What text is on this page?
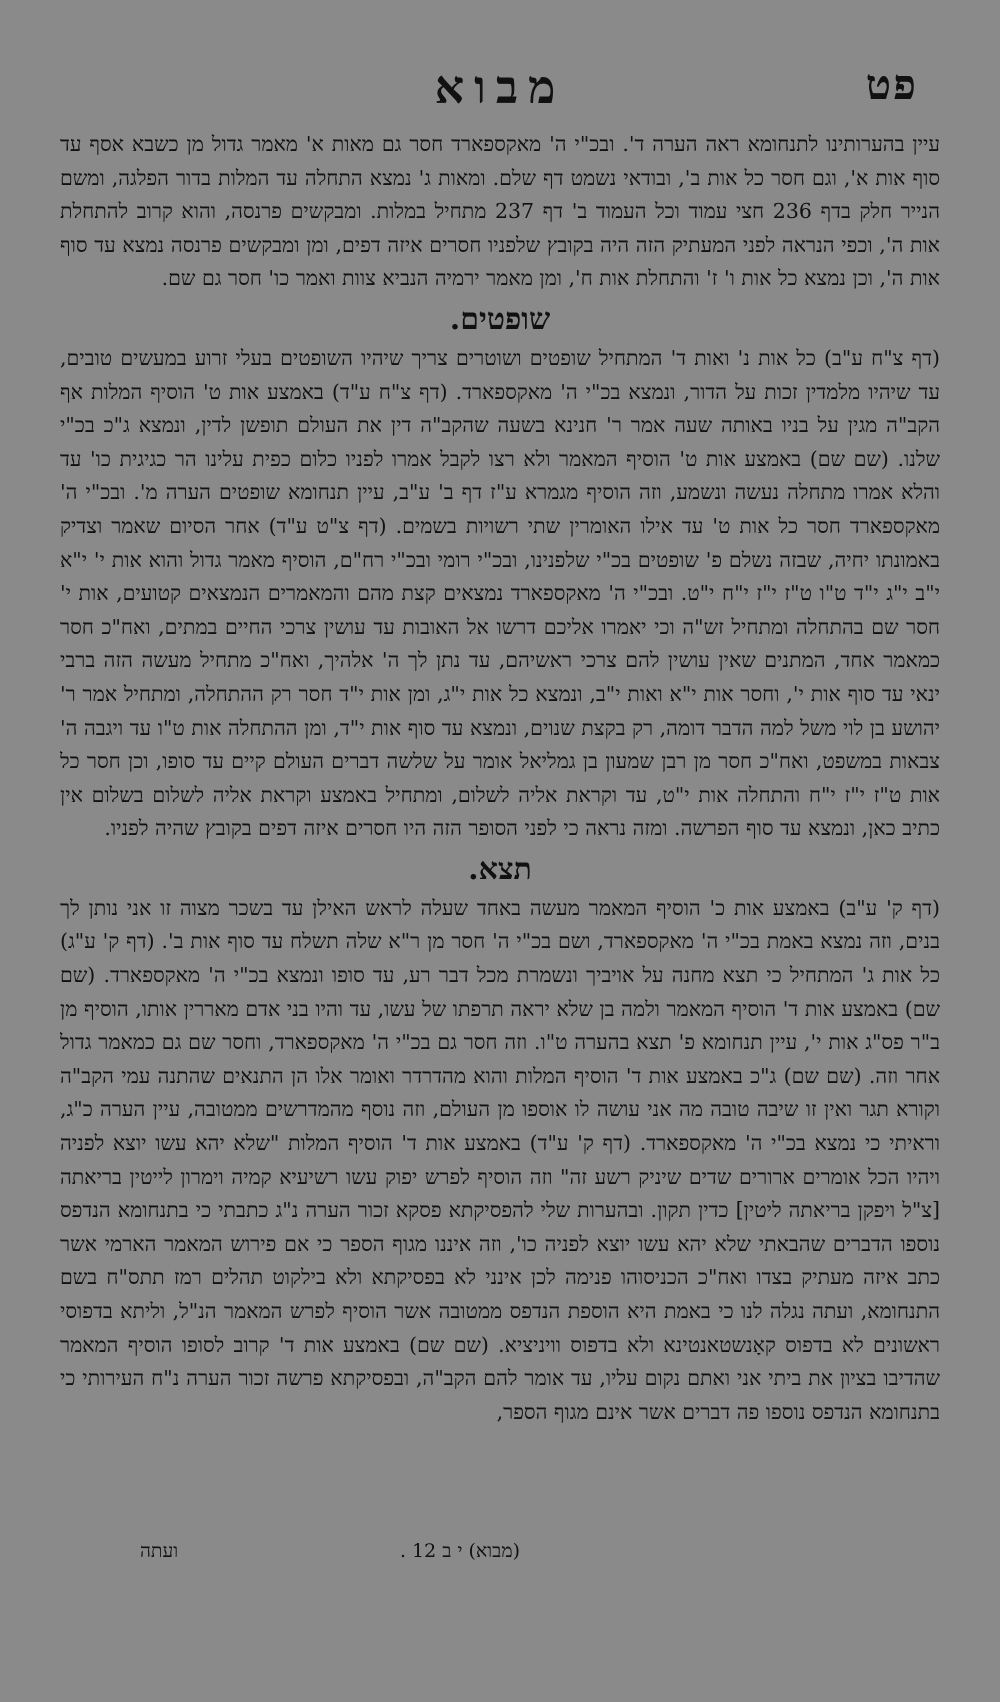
פט
מבוא

עיין בהערותינו לתנחומא ראה הערה ד'. ובכ"י ה' מאקספארד חסר גם מאות א' מאמר גדול מן כשבא אסף עד סוף אות א', וגם חסר כל אות ב', ובודאי נשמט דף שלם. ומאות ג' נמצא התחלה עד המלות בדור הפלגה, ומשם הנייר חלק בדף 236 חצי עמוד וכל העמוד ב' דף 237 מתחיל במלות. ומבקשים פרנסה, והוא קרוב להתחלת אות ה', וכפי הנראה לפני המעתיק הזה היה בקובץ שלפניו חסרים איזה דפים, ומן ומבקשים פרנסה נמצא עד סוף אות ה', וכן נמצא כל אות ו' ז' והתחלת אות ח', ומן מאמר ירמיה הנביא צוות ואמר כו' חסר גם שם.

שופטים.

(דף צ"ח ע"ב) כל אות נ' ואות ד' המתחיל שופטים ושוטרים צריך שיהיו השופטים בעלי זרוע במעשים טובים, עד שיהיו מלמדין זכות על הדור, ונמצא בכ"י ה' מאקספארד. (דף צ"ח ע"ד) באמצע אות ט' הוסיף המלות אף הקב"ה מגין על בניו באותה שעה אמר ר' חנינא בשעה שהקב"ה דין את העולם תופשן לדין, ונמצא ג"כ בכ"י שלנו. (שם שם) באמצע אות ט' הוסיף המאמר ולא רצו לקבל אמרו לפניו כלום כפית עלינו הר כגיגית כו' עד והלא אמרו מתחלה נעשה ונשמע, וזה הוסיף מגמרא ע"ז דף ב' ע"ב, עיין תנחומא שופטים הערה מ'. ובכ"י ה' מאקספארד חסר כל אות ט' עד אילו האומרין שתי רשויות בשמים. (דף צ"ט ע"ד) אחר הסיום שאמר וצדיק באמונתו יחיה, שבזה נשלם פ' שופטים בכ"י שלפנינו, ובכ"י רומי ובכ"י רח"ם, הוסיף מאמר גדול והוא אות י' י"א י"ב י"ג י"ד ט"ו ט"ז י"ז י"ח י"ט. ובכ"י ה' מאקספארד נמצאים קצת מהם והמאמרים הנמצאים קטועים, אות י' חסר שם בהתחלה ומתחיל זש"ה וכי יאמרו אליכם דרשו אל האובות עד עושין צרכי החיים במתים, ואח"כ חסר כמאמר אחד, המתנים שאין עושין להם צרכי ראשיהם, עד נתן לך ה' אלהיך, ואח"כ מתחיל מעשה הזה ברבי ינאי עד סוף אות י', וחסר אות י"א ואות י"ב, ונמצא כל אות י"ג, ומן אות י"ד חסר רק ההתחלה, ומתחיל אמר ר' יהושע בן לוי משל למה הדבר דומה, רק בקצת שנוים, ונמצא עד סוף אות י"ד, ומן ההתחלה אות ט"ו עד ויגבה ה' צבאות במשפט, ואח"כ חסר מן רבן שמעון בן גמליאל אומר על שלשה דברים העולם קיים עד סופו, וכן חסר כל אות ט"ז י"ז י"ח והתחלה אות י"ט, עד וקראת אליה לשלום, ומתחיל באמצע וקראת אליה לשלום בשלום אין כתיב כאן, ונמצא עד סוף הפרשה. ומזה נראה כי לפני הסופר הזה היו חסרים איזה דפים בקובץ שהיה לפניו.

תצא.

(דף ק' ע"ב) באמצע אות כ' הוסיף המאמר מעשה באחד שעלה לראש האילן עד בשכר מצוה זו אני נותן לך בנים, וזה נמצא באמת בכ"י ה' מאקספארד, ושם בכ"י ה' חסר מן ר"א שלה תשלח עד סוף אות ב'. (דף ק' ע"ג) כל אות ג' המתחיל כי תצא מחנה על אויביך ונשמרת מכל דבר רע, עד סופו ונמצא בכ"י ה' מאקספארד. (שם שם) באמצע אות ד' הוסיף המאמר ולמה בן שלא יראה תרפתו של עשו, עד והיו בני אדם מאררין אותו, הוסיף מן ב"ר פס"ג אות י', עיין תנחומא פ' תצא בהערה ט"ו. וזה חסר גם בכ"י ה' מאקספארד, וחסר שם גם כמאמר גדול אחר וזה. (שם שם) ג"כ באמצע אות ד' הוסיף המלות והוא מהדרדר ואומר אלו הן התנאים שהתנה עמי הקב"ה וקורא תגר ואין זו שיבה טובה מה אני עושה לו אוספו מן העולם, וזה נוסף מהמדרשים ממטובה, עיין הערה כ"ג, וראיתי כי נמצא בכ"י ה' מאקספארד. (דף ק' ע"ד) באמצע אות ד' הוסיף המלות "שלא יהא עשו יוצא לפניה ויהיו הכל אומרים ארורים שדים שיניק רשע זה" וזה הוסיף לפרש יפוק עשו רשיעיא קמיה וימרון לייטין בריאתה [צ"ל ויפקן בריאתה ליטין] כדין תקון. ובהערות שלי להפסיקתא פסקא זכור הערה נ"ג כתבתי כי בתנחומא הנדפס נוספו הדברים שהבאתי שלא יהא עשו יוצא לפניה כו', וזה איננו מגוף הספר כי אם פירוש המאמר הארמי אשר כתב איזה מעתיק בצדו ואח"כ הכניסוהו פנימה לכן אינני לא בפסיקתא ולא בילקוט תהלים רמז תתס"ח בשם התנחומא, ועתה נגלה לנו כי באמת היא הוספת הנדפס ממטובה אשר הוסיף לפרש המאמר הנ"ל, וליתא בדפוסי ראשונים לא בדפוס קאָנשטאנטינא ולא בדפוס וויניציא. (שם שם) באמצע אות ד' קרוב לסופו הוסיף המאמר שהדיבו בציון את ביתי אני ואתם נקום עליו, עד אומר להם הקב"ה, ובפסיקתא פרשה זכור הערה נ"ח העירותי כי בתנחומא הנדפס נוספו פה דברים אשר אינם מגוף הספר,

(מבוא) י ב 12 .
ועתה
